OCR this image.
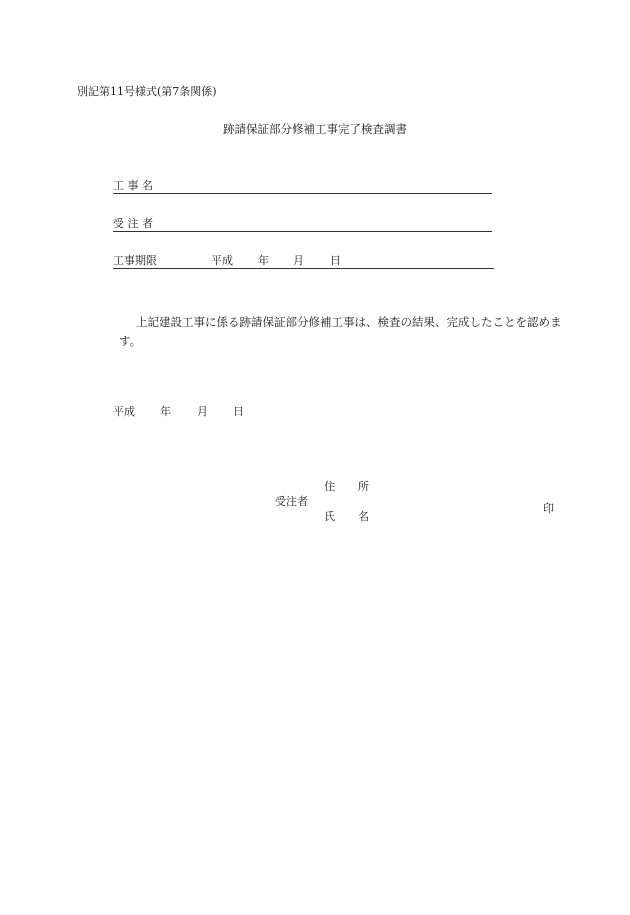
別記第11号様式(第7条関係)
跡請保証部分修補工事完了検査調書
工 事 名
受 注 者
工事期限	平成 年 月 日
上記建設工事に係る跡請保証部分修補工事は、検査の結果、完成したことを認めます。
平成 年 月 日
住 所
受注者
氏 名
印
